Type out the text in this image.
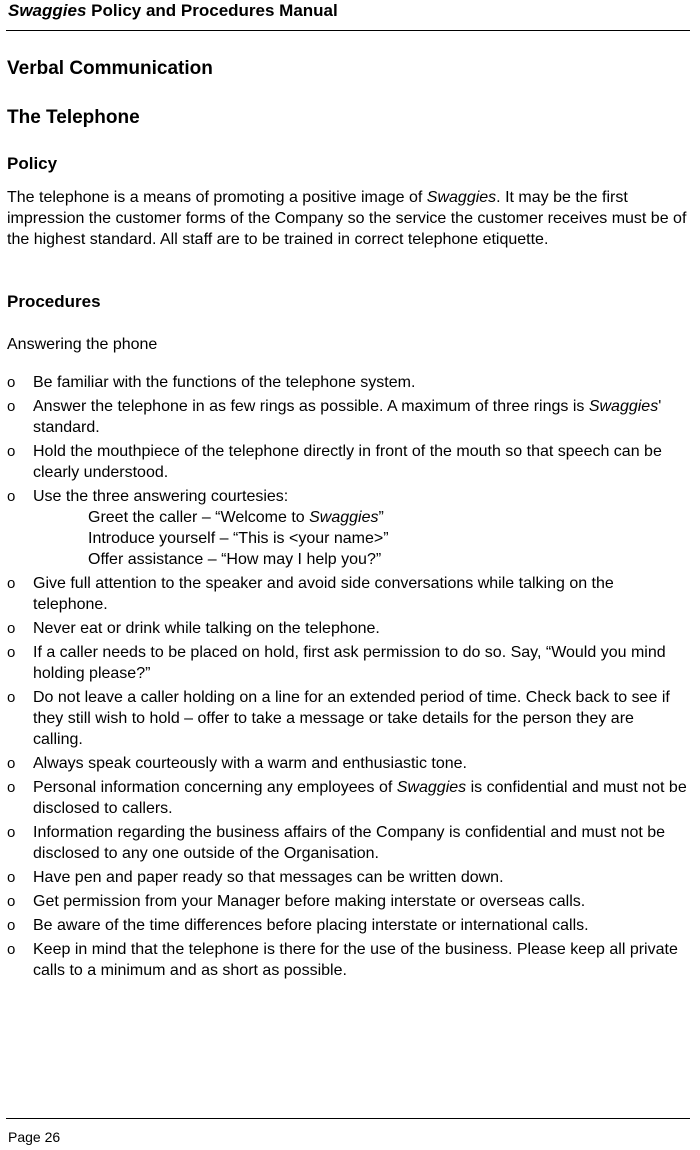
Swaggies Policy and Procedures Manual
Verbal Communication
The Telephone
Policy

The telephone is a means of promoting a positive image of Swaggies. It may be the first impression the customer forms of the Company so the service the customer receives must be of the highest standard. All staff are to be trained in correct telephone etiquette.

Procedures

Answering the phone

o Be familiar with the functions of the telephone system.
o Answer the telephone in as few rings as possible. A maximum of three rings is Swaggies' standard.
o Hold the mouthpiece of the telephone directly in front of the mouth so that speech can be clearly understood.
o Use the three answering courtesies:
Greet the caller – “Welcome to Swaggies”
Introduce yourself – “This is <your name>”
Offer assistance – “How may I help you?”
o Give full attention to the speaker and avoid side conversations while talking on the telephone.
o Never eat or drink while talking on the telephone.
o If a caller needs to be placed on hold, first ask permission to do so. Say, “Would you mind holding please?”
o Do not leave a caller holding on a line for an extended period of time. Check back to see if they still wish to hold – offer to take a message or take details for the person they are calling.
o Always speak courteously with a warm and enthusiastic tone.
o Personal information concerning any employees of Swaggies is confidential and must not be disclosed to callers.
o Information regarding the business affairs of the Company is confidential and must not be disclosed to any one outside of the Organisation.
o Have pen and paper ready so that messages can be written down.
o Get permission from your Manager before making interstate or overseas calls.
o Be aware of the time differences before placing interstate or international calls.
o Keep in mind that the telephone is there for the use of the business. Please keep all private calls to a minimum and as short as possible.
Page 26
